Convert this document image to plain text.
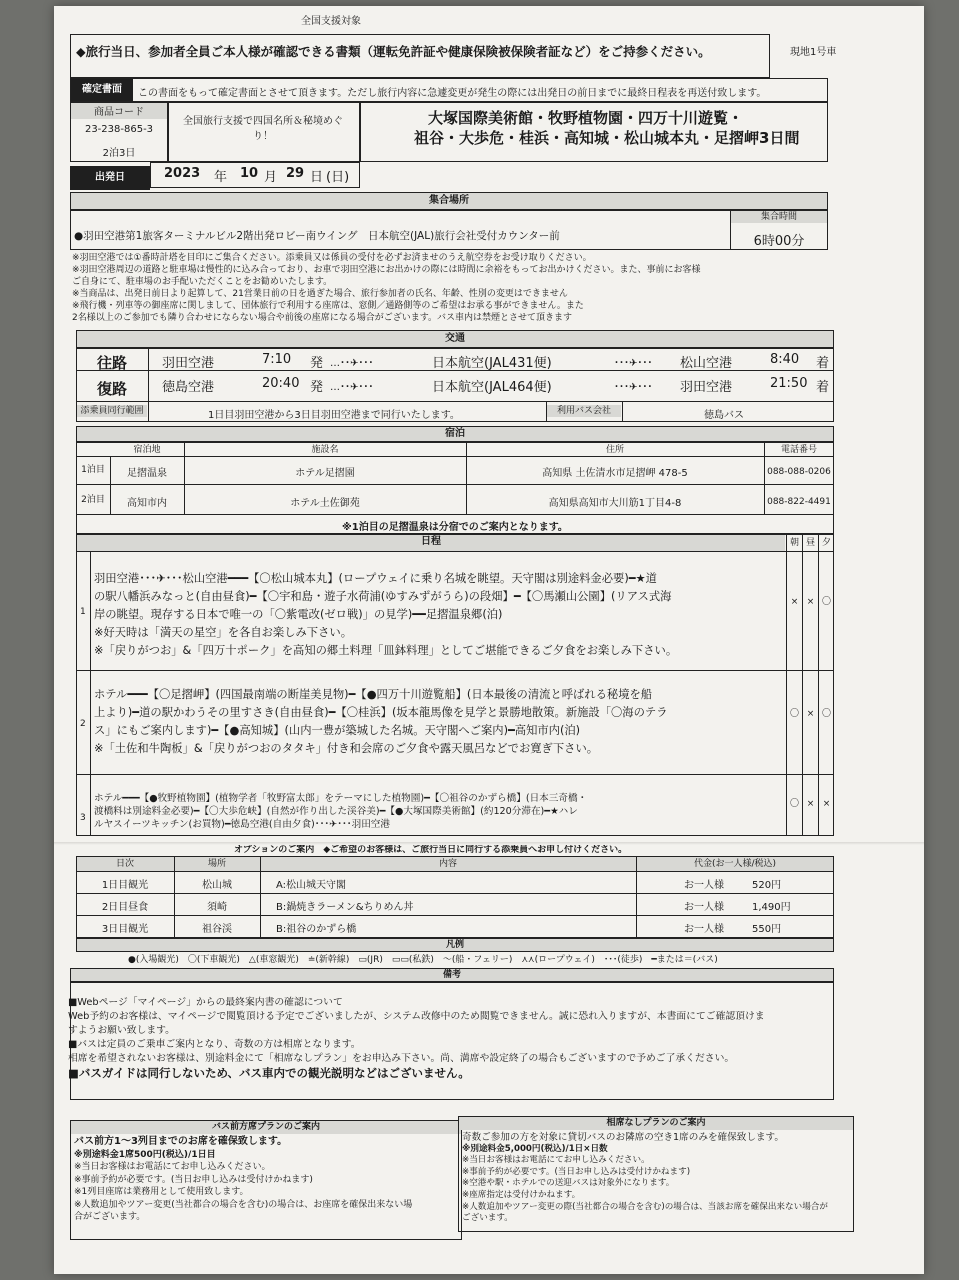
全国支援対象
現地1号車
◆旅行当日、参加者全員ご本人様が確認できる書類（運転免許証や健康保険被保険者証など）をご持参ください。
確定書面	この書面をもって確定書面とさせて頂きます。ただし旅行内容に急遽変更が発生の際には出発日の前日までに最終日程表を再送付致します。
商品コード
23-238-865-3
2泊3日
全国旅行支援で四国名所＆秘境めぐり！
大塚国際美術館・牧野植物園・四万十川遊覧・
祖谷・大歩危・桂浜・高知城・松山城本丸・足摺岬3日間
出発日	2023 年 10 月 29 日 (日)
集合場所
●羽田空港第1旅客ターミナルビル2階出発ロビー南ウイング　日本航空(JAL)旅行会社受付カウンター前
集合時間
6時00分
※羽田空港では①番時計塔を目印にご集合ください。添乗員又は係員の受付を必ずお済ませのうえ航空券をお受け取りください。
※羽田空港周辺の道路と駐車場は慢性的に込み合っており、お車で羽田空港にお出かけの際には時間に余裕をもってお出かけください。また、事前にお客様
ご自身にて、駐車場のお手配いただくことをお勧めいたします。
※当商品は、出発日前日より起算して、21営業日前の日を過ぎた場合、旅行参加者の氏名、年齢、性別の変更はできません
※飛行機・列車等の御座席に関しまして、団体旅行で利用する座席は、窓側／通路側等のご希望はお承る事ができません。また
2名様以上のご参加でも隣り合わせにならない場合や前後の座席になる場合がございます。バス車内は禁煙とさせて頂きます
交通
往路	羽田空港	7:10 発 …･･✈･･･	日本航空(JAL431便)	･･･✈･･･ 松山空港	8:40 着
復路	徳島空港	20:40 発 …･･✈･･･	日本航空(JAL464便)	･･･✈･･･ 羽田空港	21:50 着
添乗員同行範囲	1日目羽田空港から3日目羽田空港まで同行いたします。	利用バス会社	徳島バス
宿泊
宿泊地	施設名	住所	電話番号
1泊目	足摺温泉	ホテル足摺園	高知県 土佐清水市足摺岬 478-5	088-088-0206
2泊目	高知市内	ホテル土佐御苑	高知県高知市大川筋1丁目4-8	088-822-4491
※1泊目の足摺温泉は分宿でのご案内となります。
日程	朝 昼 夕
1
羽田空港･･･✈･･･松山空港━━━【〇松山城本丸】(ロープウェイに乗り名城を眺望。天守閣は別途料金必要)━★道
の駅八幡浜みなっと(自由昼食)━【〇宇和島・遊子水荷浦(ゆすみずがうら)の段畑】━【〇馬瀬山公園】(リアス式海
岸の眺望。現存する日本で唯一の「〇紫電改(ゼロ戦)」の見学)━━足摺温泉郷(泊)
※好天時は「満天の星空」を各自お楽しみ下さい。
※「戻りがつお」&「四万十ポーク」を高知の郷土料理「皿鉢料理」としてご堪能できるご夕食をお楽しみ下さい。
× × 〇
2
ホテル━━━【〇足摺岬】(四国最南端の断崖美見物)━【●四万十川遊覧船】(日本最後の清流と呼ばれる秘境を船
上より)━道の駅かわうその里すさき(自由昼食)━【〇桂浜】(坂本龍馬像を見学と景勝地散策。新施設「〇海のテラ
ス」にもご案内します)━【●高知城】(山内一豊が築城した名城。天守閣へご案内)━高知市内(泊)
※「土佐和牛陶板」&「戻りがつおのタタキ」付き和会席のご夕食や露天風呂などでお寛ぎ下さい。
〇 × 〇
3
ホテル━━━【●牧野植物園】(植物学者「牧野富太郎」をテーマにした植物園)━【〇祖谷のかずら橋】(日本三奇橋・
渡橋料は別途料金必要)━【〇大歩危峡】(自然が作り出した渓谷美)━【●大塚国際美術館】(約120分滞在)━★ハレ
ルヤスイーツキッチン(お買物)━徳島空港(自由夕食)･･･✈･･･羽田空港
〇 × ×
オプションのご案内　◆ご希望のお客様は、ご旅行当日に同行する添乗員へお申し付けください。
日次	場所	内容	代金(お一人様/税込)
1日目観光	松山城	A:松山城天守閣	お一人様	520円
2日目昼食	須崎	B:鍋焼きラーメン&ちりめん丼	お一人様	1,490円
3日目観光	祖谷渓	B:祖谷のかずら橋	お一人様	550円
凡例
●(入場観光)　〇(下車観光)　△(車窓観光)　≐(新幹線)　▭(JR)　▭▭(私鉄)　〜(船・フェリー)　⋏⋏(ロープウェイ)　･･･(徒歩)　━または＝(バス)
備考
■Webページ「マイページ」からの最終案内書の確認について
Web予約のお客様は、マイページで閲覧頂ける予定でございましたが、システム改修中のため閲覧できません。誠に恐れ入りますが、本書面にてご確認頂けま
すようお願い致します。
■バスは定員のご乗車ご案内となり、奇数の方は相席となります。
相席を希望されないお客様は、別途料金にて「相席なしプラン」をお申込み下さい。尚、満席や設定終了の場合もございますので予めご了承ください。
■バスガイドは同行しないため、バス車内での観光説明などはございません。
バス前方席プランのご案内
バス前方1〜3列目までのお席を確保致します。
※別途料金1席500円(税込)/1日目
※当日お客様はお電話にてお申し込みください。
※事前予約が必要です。(当日お申し込みは受付けかねます)
※1列目座席は業務用として使用致します。
※人数追加やツアー変更(当社都合の場合を含む)の場合は、お座席を確保出来ない場
合がございます。
相席なしプランのご案内
奇数ご参加の方を対象に貸切バスのお隣席の空き1席のみを確保致します。
※別途料金5,000円(税込)/1日×日数
※当日お客様はお電話にてお申し込みください。
※事前予約が必要です。(当日お申し込みは受付けかねます)
※空港や駅・ホテルでの送迎バスは対象外になります。
※座席指定は受付けかねます。
※人数追加やツアー変更の際(当社都合の場合を含む)の場合は、当該お席を確保出来ない場合が
ございます。
